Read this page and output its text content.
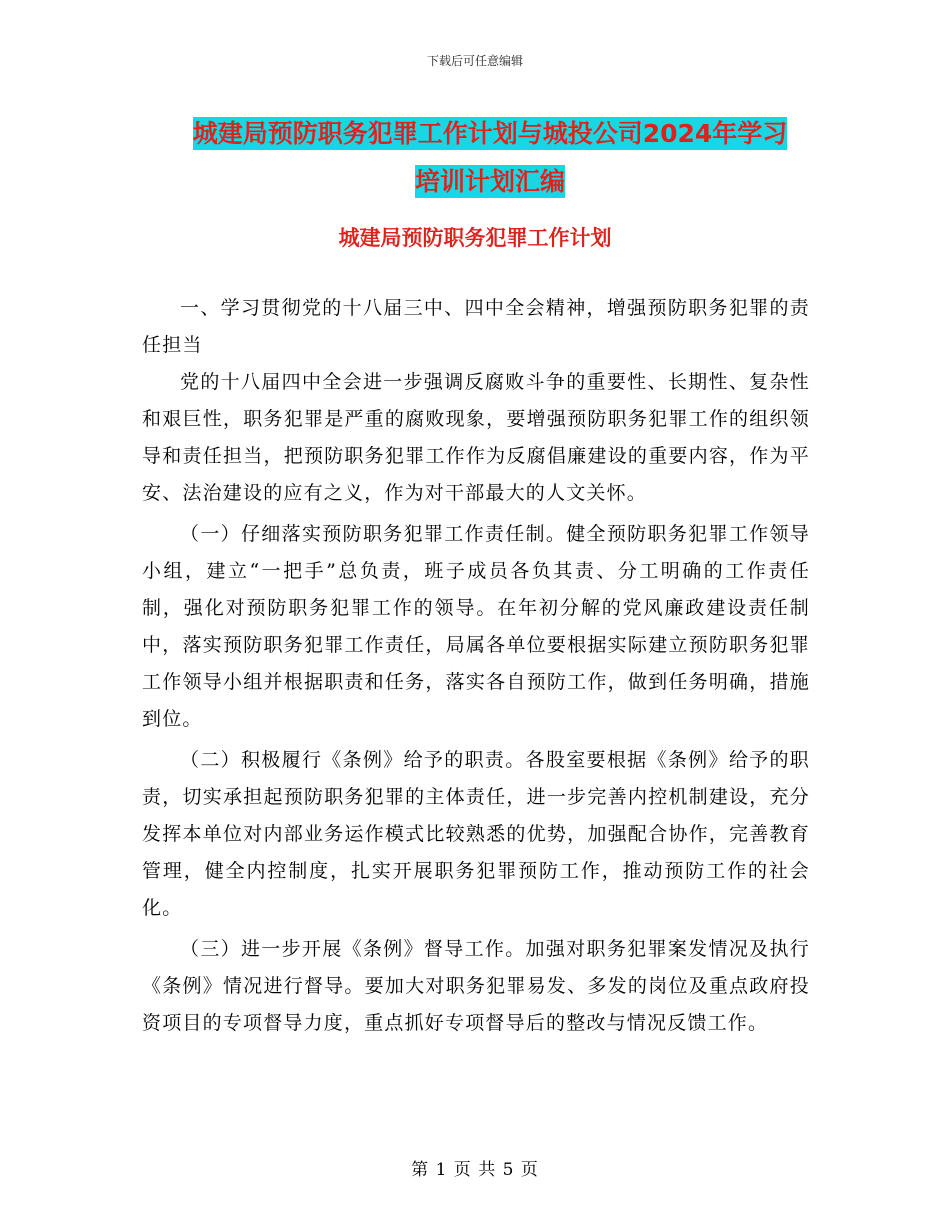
下载后可任意编辑
城建局预防职务犯罪工作计划与城投公司2024年学习
培训计划汇编
城建局预防职务犯罪工作计划

一、学习贯彻党的十八届三中、四中全会精神，增强预防职务犯罪的责任担当

党的十八届四中全会进一步强调反腐败斗争的重要性、长期性、复杂性和艰巨性，职务犯罪是严重的腐败现象，要增强预防职务犯罪工作的组织领导和责任担当，把预防职务犯罪工作作为反腐倡廉建设的重要内容，作为平安、法治建设的应有之义，作为对干部最大的人文关怀。

（一）仔细落实预防职务犯罪工作责任制。健全预防职务犯罪工作领导小组，建立“一把手”总负责，班子成员各负其责、分工明确的工作责任制，强化对预防职务犯罪工作的领导。在年初分解的党风廉政建设责任制中，落实预防职务犯罪工作责任，局属各单位要根据实际建立预防职务犯罪工作领导小组并根据职责和任务，落实各自预防工作，做到任务明确，措施到位。

（二）积极履行《条例》给予的职责。各股室要根据《条例》给予的职责，切实承担起预防职务犯罪的主体责任，进一步完善内控机制建设，充分发挥本单位对内部业务运作模式比较熟悉的优势，加强配合协作，完善教育管理，健全内控制度，扎实开展职务犯罪预防工作，推动预防工作的社会化。

（三）进一步开展《条例》督导工作。加强对职务犯罪案发情况及执行《条例》情况进行督导。要加大对职务犯罪易发、多发的岗位及重点政府投资项目的专项督导力度，重点抓好专项督导后的整改与情况反馈工作。

第 1 页 共 5 页
